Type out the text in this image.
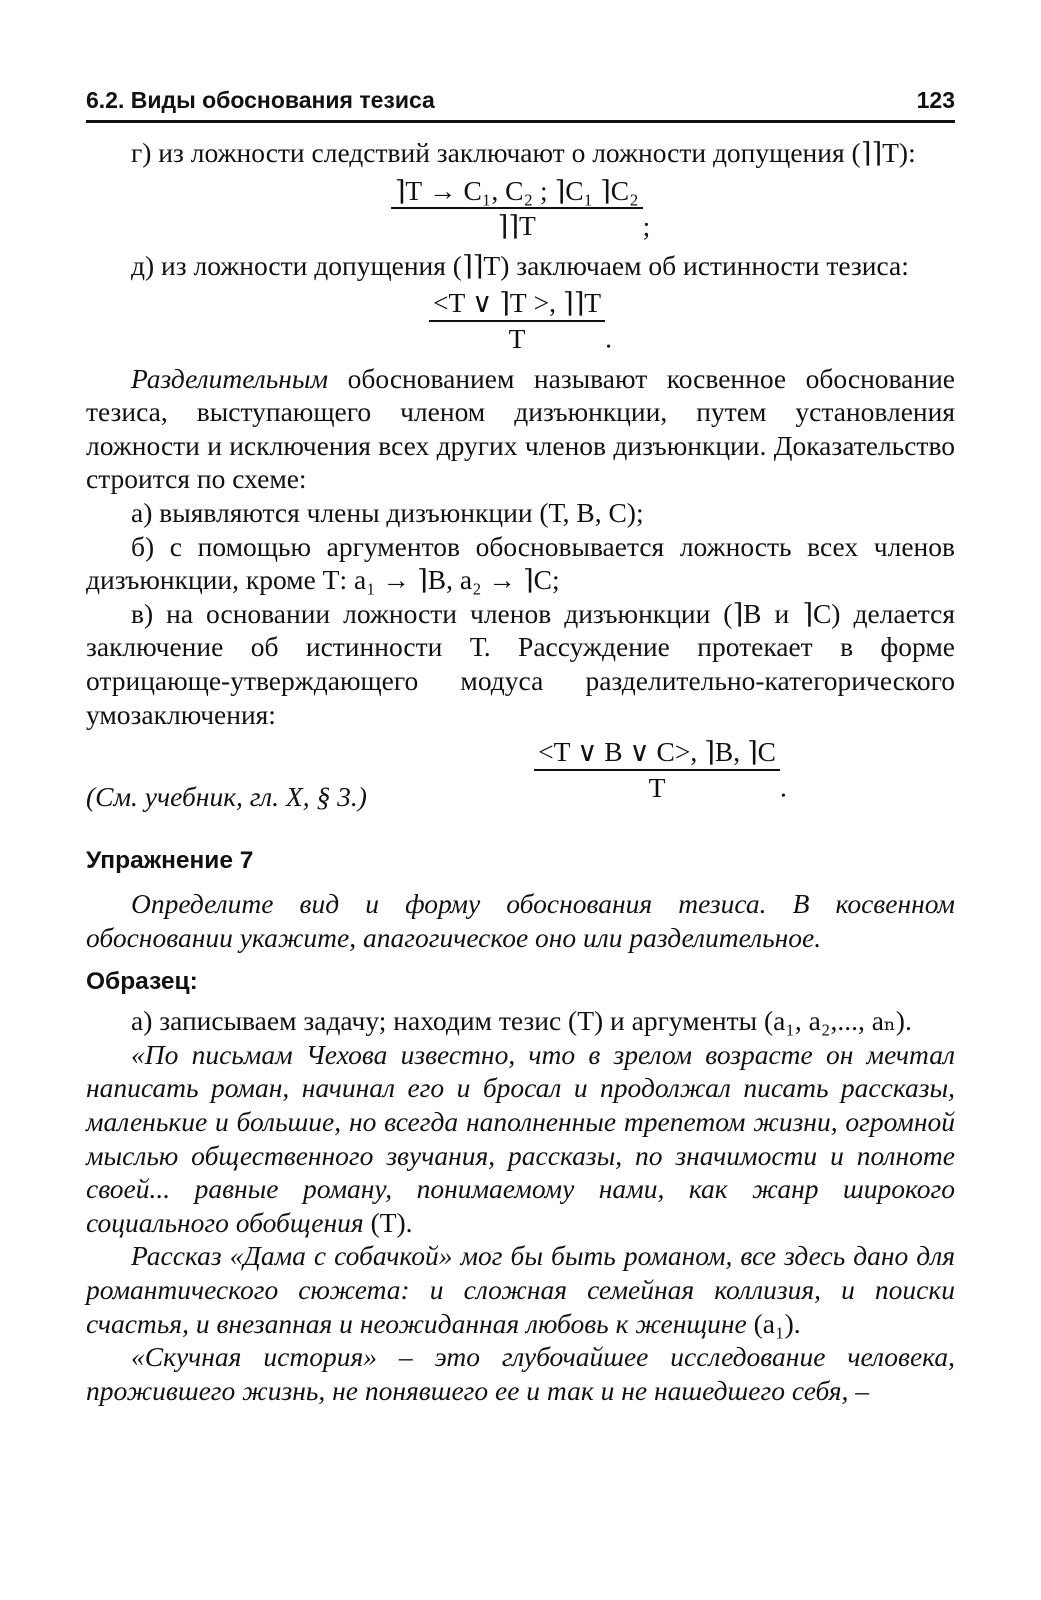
6.2. Виды обоснования тезиса	123

г) из ложности следствий заключают о ложности допущения (⌉⌉Т):

$\frac{\text{⌉Т → C₁, C₂ ; ⌉C₁ ⌉C₂}}{⌉⌉Т}$ ;

д) из ложности допущения (⌉⌉Т) заключаем об истинности тезиса:

$\frac{<Т \vee ⌉Т >, ⌉⌉Т}{Т}$ .

Разделительным обоснованием называют косвенное обоснование тезиса, выступающего членом дизъюнкции, путем установления ложности и исключения всех других членов дизъюнкции. Доказательство строится по схеме:

а) выявляются члены дизъюнкции (Т, В, С);

б) с помощью аргументов обосновывается ложность всех членов дизъюнкции, кроме Т: a₁ → ⌉B, a₂ → ⌉C;

в) на основании ложности членов дизъюнкции (⌉В и ⌉С) делается заключение об истинности Т. Рассуждение протекает в форме отрицающе-утверждающего модуса разделительно-категорического умозаключения:

$\frac{<Т \vee B \vee C>, ⌉B, ⌉C}{Т}$ .

(См. учебник, гл. X, § 3.)

Упражнение 7

Определите вид и форму обоснования тезиса. В косвенном обосновании укажите, апагогическое оно или разделительное.

Образец:

а) записываем задачу; находим тезис (Т) и аргументы (a₁, a₂,..., aₙ).

«По письмам Чехова известно, что в зрелом возрасте он мечтал написать роман, начинал его и бросал и продолжал писать рассказы, маленькие и большие, но всегда наполненные трепетом жизни, огромной мыслью общественного звучания, рассказы, по значимости и полноте своей... равные роману, понимаемому нами, как жанр широкого социального обобщения (Т).

Рассказ «Дама с собачкой» мог бы быть романом, все здесь дано для романтического сюжета: и сложная семейная коллизия, и поиски счастья, и внезапная и неожиданная любовь к женщине (a₁).

«Скучная история» – это глубочайшее исследование человека, прожившего жизнь, не понявшего ее и так и не нашедшего себя, –
